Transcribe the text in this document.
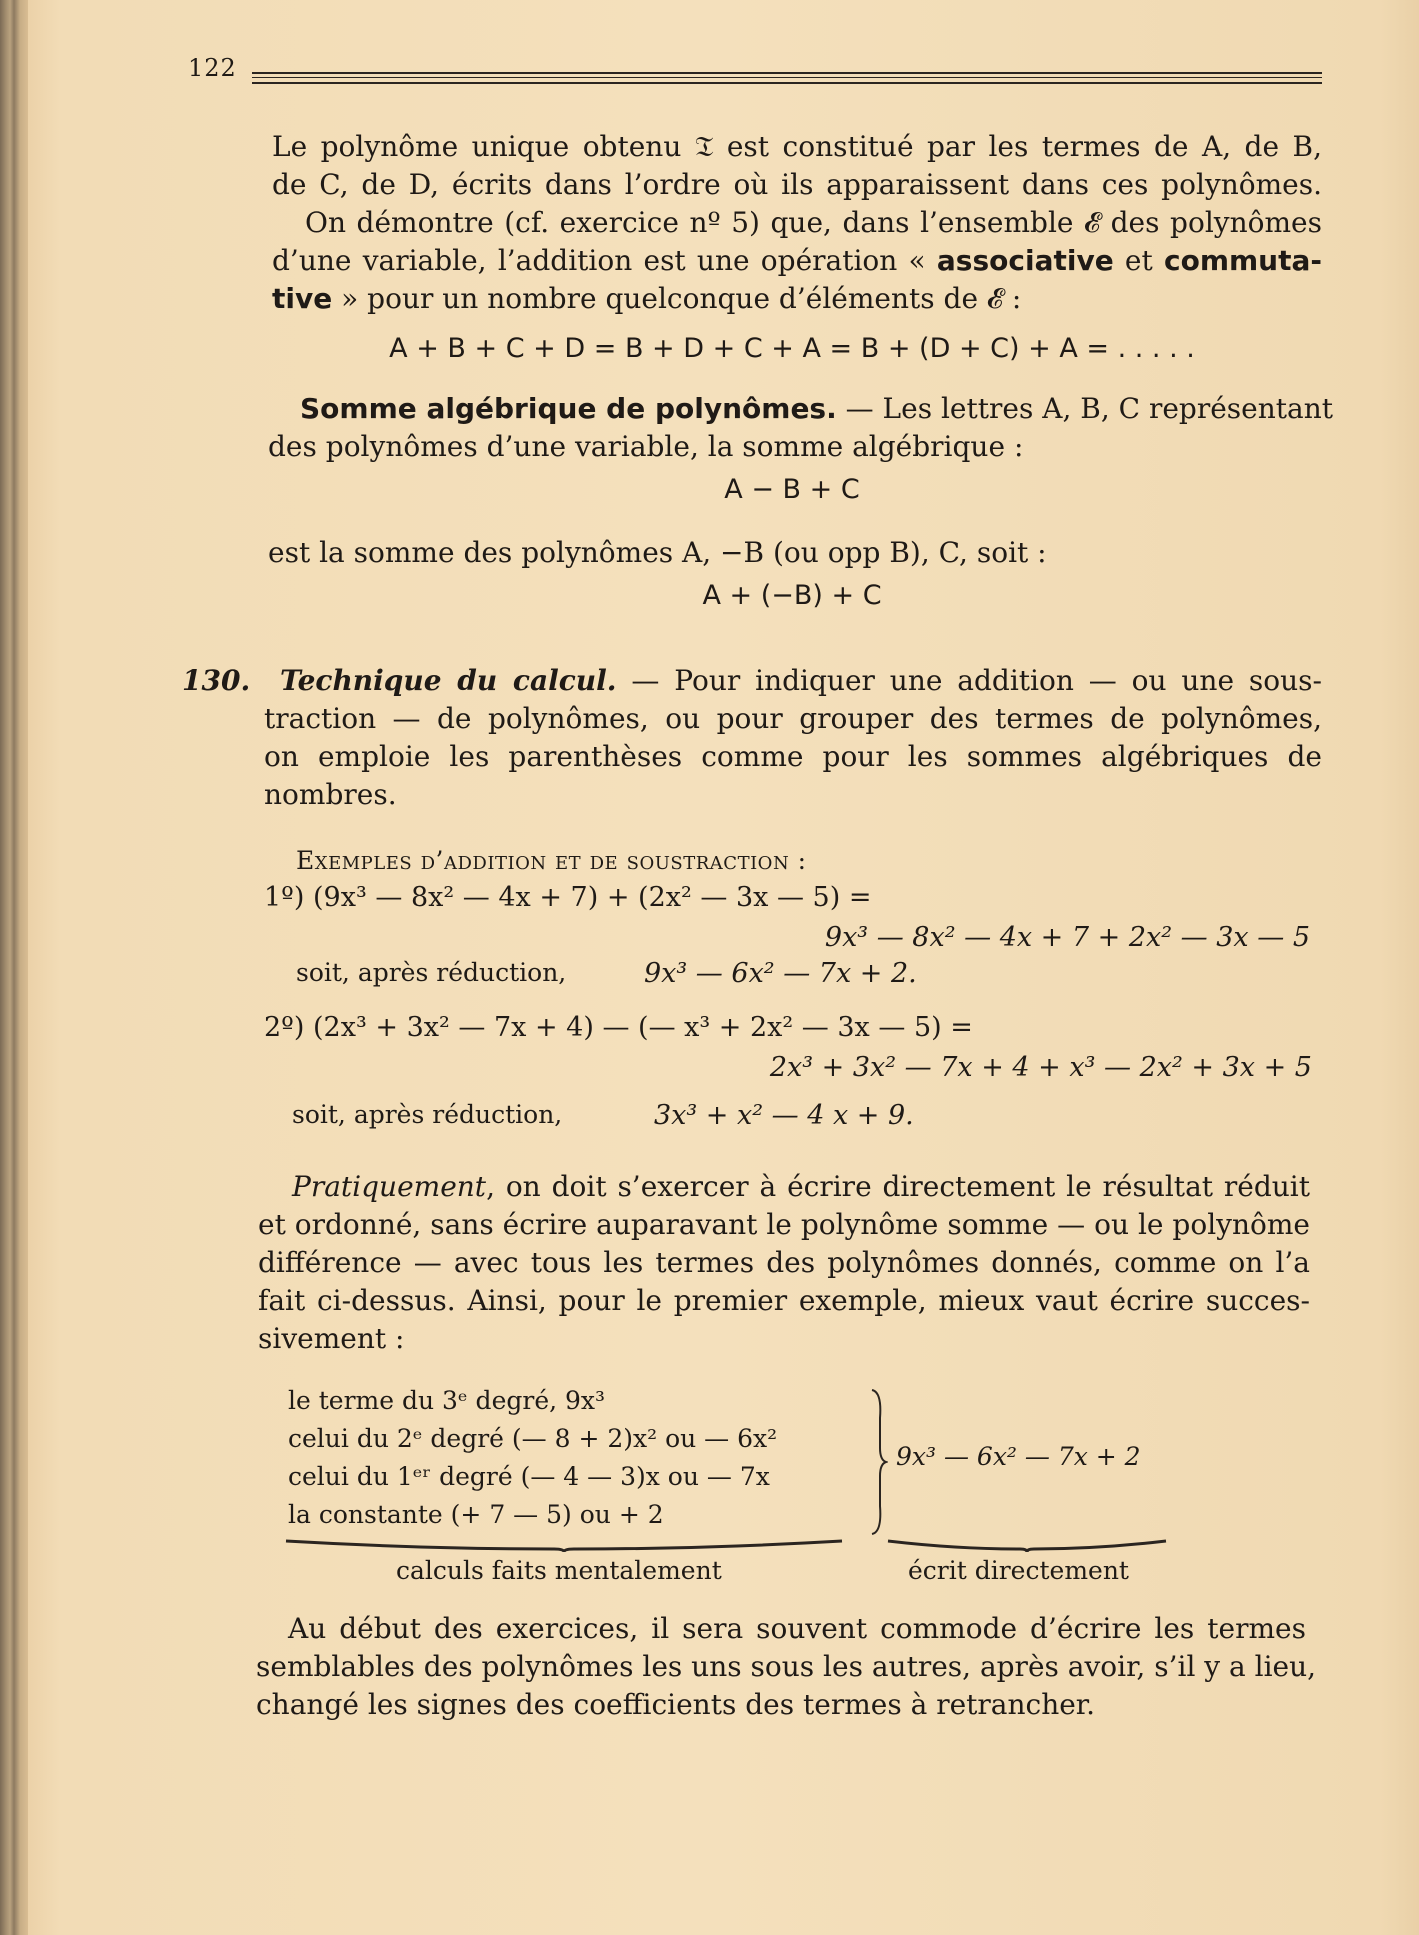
122
Le polynôme unique obtenu 𝔗 est constitué par les termes de A, de B,
de C, de D, écrits dans l’ordre où ils apparaissent dans ces polynômes.
On démontre (cf. exercice nº 5) que, dans l’ensemble 𝓔 des polynômes
d’une variable, l’addition est une opération « associative et commuta-
tive » pour un nombre quelconque d’éléments de 𝓔 :
A + B + C + D = B + D + C + A = B + (D + C) + A = . . . . .
Somme algébrique de polynômes. — Les lettres A, B, C représentant
des polynômes d’une variable, la somme algébrique :
A − B + C
est la somme des polynômes A, −B (ou opp B), C, soit :
A + (−B) + C
130. Technique du calcul. — Pour indiquer une addition — ou une sous-
traction — de polynômes, ou pour grouper des termes de polynômes,
on emploie les parenthèses comme pour les sommes algébriques de
nombres.
Exemples d’addition et de soustraction :
1º) (9x³ — 8x² — 4x + 7) + (2x² — 3x — 5) =
9x³ — 8x² — 4x + 7 + 2x² — 3x — 5
soit, après réduction,	9x³ — 6x² — 7x + 2.
2º) (2x³ + 3x² — 7x + 4) — (— x³ + 2x² — 3x — 5) =
2x³ + 3x² — 7x + 4 + x³ — 2x² + 3x + 5
soit, après réduction,	3x³ + x² — 4 x + 9.
Pratiquement, on doit s’exercer à écrire directement le résultat réduit
et ordonné, sans écrire auparavant le polynôme somme — ou le polynôme
différence — avec tous les termes des polynômes donnés, comme on l’a
fait ci-dessus. Ainsi, pour le premier exemple, mieux vaut écrire succes-
sivement :
le terme du 3ᵉ degré, 9x³
celui du 2ᵉ degré (— 8 + 2)x² ou — 6x²
celui du 1ᵉʳ degré (— 4 — 3)x ou — 7x
la constante (+ 7 — 5) ou + 2
9x³ — 6x² — 7x + 2
calculs faits mentalement	écrit directement
Au début des exercices, il sera souvent commode d’écrire les termes
semblables des polynômes les uns sous les autres, après avoir, s’il y a lieu,
changé les signes des coefficients des termes à retrancher.
